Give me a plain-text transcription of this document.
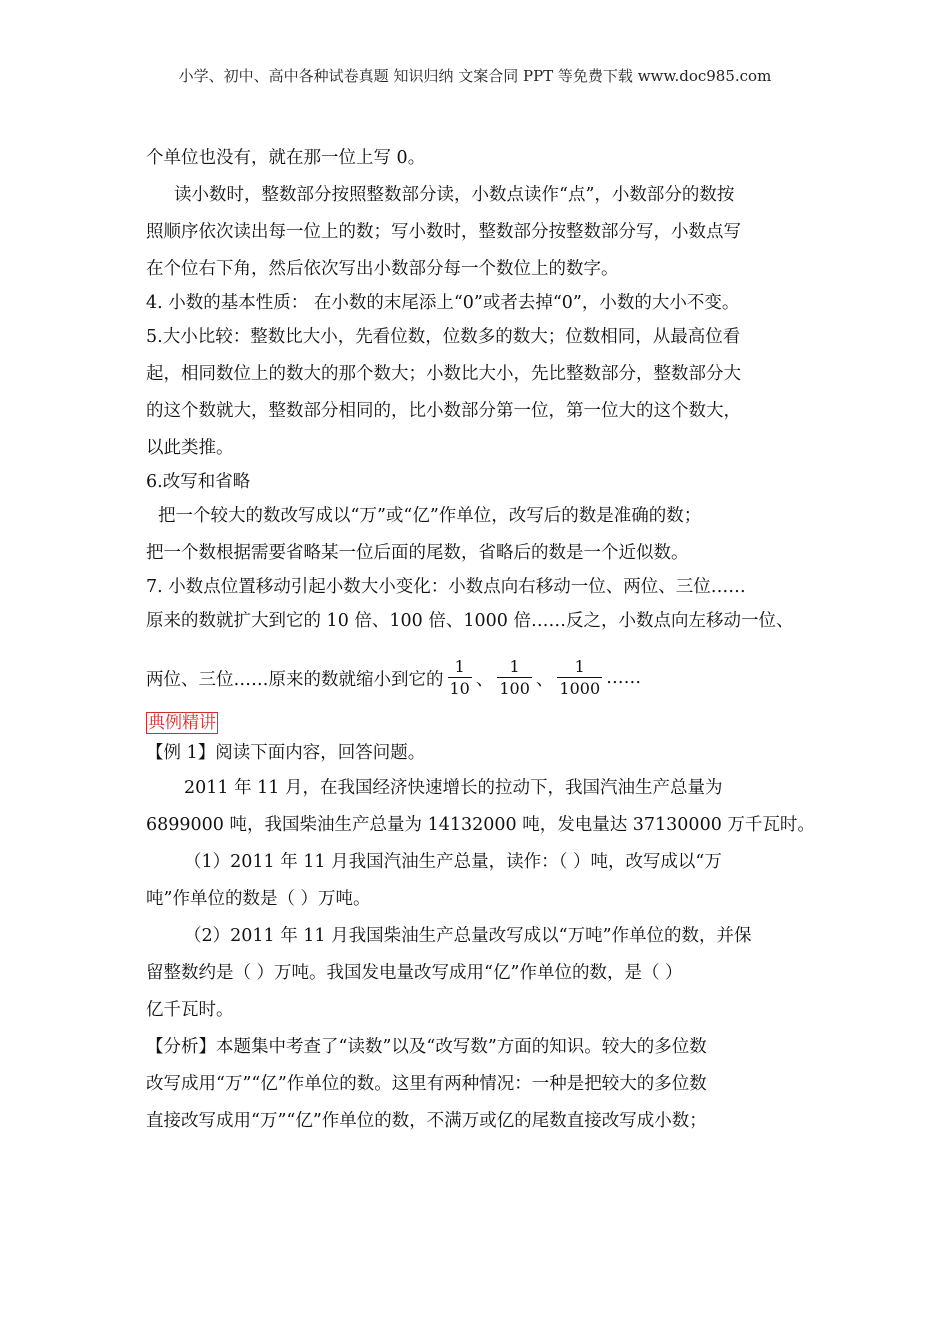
小学、初中、高中各种试卷真题 知识归纳 文案合同 PPT 等免费下载 www.doc985.com

个单位也没有，就在那一位上写 0。

读小数时，整数部分按照整数部分读，小数点读作“点”，小数部分的数按

照顺序依次读出每一位上的数；写小数时，整数部分按整数部分写，小数点写

在个位右下角，然后依次写出小数部分每一个数位上的数字。

4. 小数的基本性质： 在小数的末尾添上“0”或者去掉“0”，小数的大小不变。

5.大小比较：整数比大小，先看位数，位数多的数大；位数相同，从最高位看

起，相同数位上的数大的那个数大；小数比大小，先比整数部分，整数部分大

的这个数就大，整数部分相同的，比小数部分第一位，第一位大的这个数大，

以此类推。

6.改写和省略

把一个较大的数改写成以“万”或“亿”作单位，改写后的数是准确的数；

把一个数根据需要省略某一位后面的尾数，省略后的数是一个近似数。

7. 小数点位置移动引起小数大小变化：小数点向右移动一位、两位、三位……

原来的数就扩大到它的 10 倍、100 倍、1000 倍……反之，小数点向左移动一位、

两位、三位……原来的数就缩小到它的 $\frac{1}{10}$ 、 $\frac{1}{100}$ 、 $\frac{1}{1000}$ ……
典例精讲

【例 1】阅读下面内容，回答问题。

2011 年 11 月，在我国经济快速增长的拉动下，我国汽油生产总量为

6899000 吨，我国柴油生产总量为 14132000 吨，发电量达 37130000 万千瓦时。

（1）2011 年 11 月我国汽油生产总量，读作：（ ）吨，改写成以“万

吨”作单位的数是（ ）万吨。

（2）2011 年 11 月我国柴油生产总量改写成以“万吨”作单位的数，并保

留整数约是（ ）万吨。我国发电量改写成用“亿”作单位的数，是（ ）

亿千瓦时。

【分析】本题集中考查了“读数”以及“改写数”方面的知识。较大的多位数

改写成用“万”“亿”作单位的数。这里有两种情况：一种是把较大的多位数

直接改写成用“万”“亿”作单位的数，不满万或亿的尾数直接改写成小数；
